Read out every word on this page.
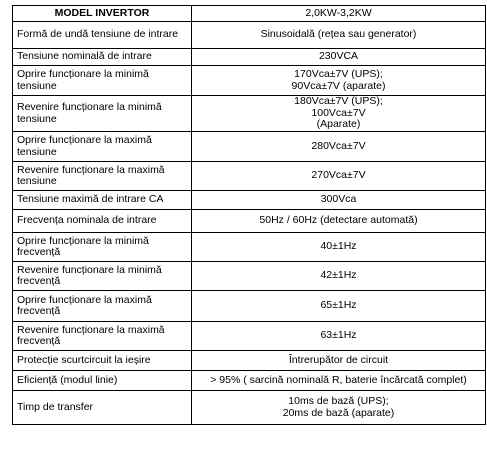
MODEL INVERTOR	2,0KW-3,2KW
Formă de undă tensiune de intrare	Sinusoidală (rețea sau generator)

Tensiune nominală de intrare	230VCA

Oprire funcționare la minimă tensiune	170Vca±7V (UPS);
90Vca±7V (aparate)

Revenire funcționare la minimă tensiune	180Vca±7V (UPS);
100Vca±7V
(Aparate)

Oprire funcționare la maximă tensiune	280Vca±7V

Revenire funcționare la maximă tensiune	270Vca±7V

Tensiune maximă de intrare CA	300Vca

Frecvența nominala de intrare	50Hz / 60Hz (detectare automată)

Oprire funcționare la minimă frecvență	40±1Hz

Revenire funcționare la minimă frecvență	42±1Hz

Oprire funcționare la maximă frecvență	65±1Hz

Revenire funcționare la maximă frecvență	63±1Hz

Protecție scurtcircuit la ieșire	Întrerupător de circuit

Eficiență (modul linie)	> 95% ( sarcină nominală R, baterie încărcată complet)

Timp de transfer	10ms de bază (UPS);
20ms de bază (aparate)
